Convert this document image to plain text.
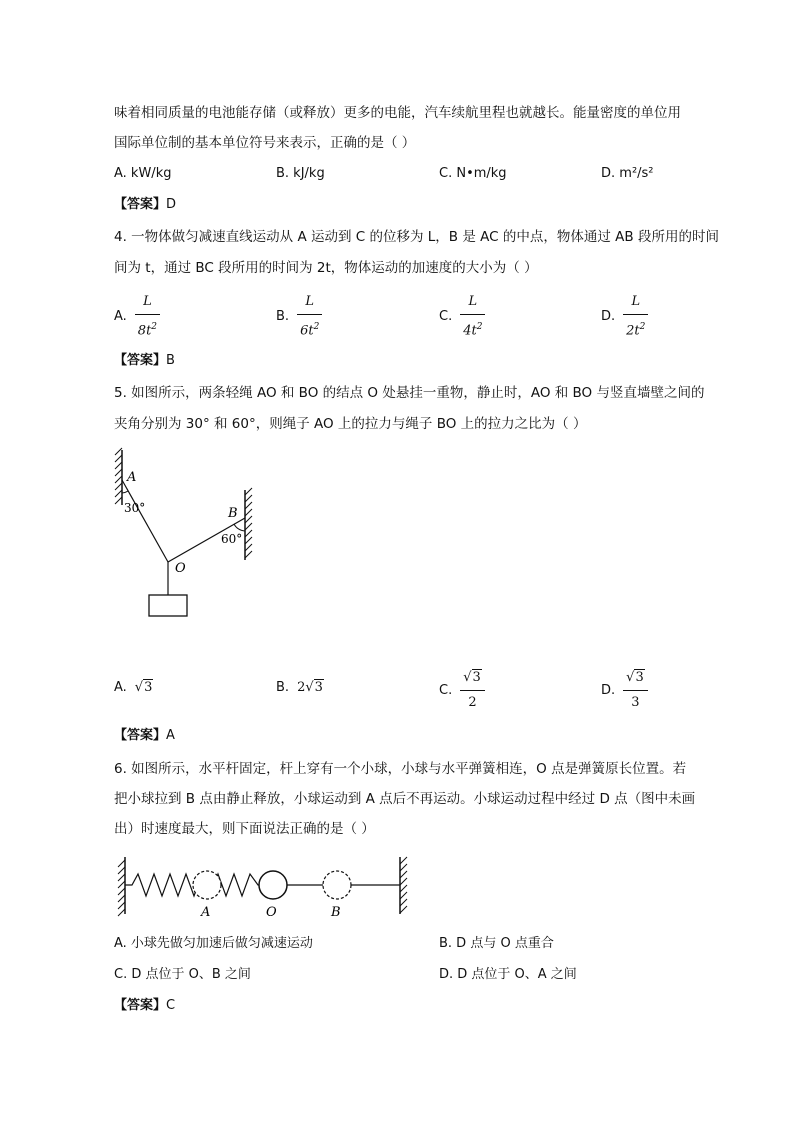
味着相同质量的电池能存储（或释放）更多的电能，汽车续航里程也就越长。能量密度的单位用
国际单位制的基本单位符号来表示，正确的是（ ）
A. kW/kg	B. kJ/kg	C. N•m/kg	D. m²/s²
【答案】D
4. 一物体做匀减速直线运动从 A 运动到 C 的位移为 L，B 是 AC 的中点，物体通过 AB 段所用的时间
间为 t，通过 BC 段所用的时间为 2t，物体运动的加速度的大小为（ ）
A. $\frac{L}{8t^2}$	B. $\frac{L}{6t^2}$	C. $\frac{L}{4t^2}$	D. $\frac{L}{2t^2}$
【答案】B
5. 如图所示，两条轻绳 AO 和 BO 的结点 O 处悬挂一重物，静止时，AO 和 BO 与竖直墙壁之间的
夹角分别为 30° 和 60°，则绳子 AO 上的拉力与绳子 BO 上的拉力之比为（ ）
A
30°	B
60°
O
A. √3	B. 2√3	C. $\frac{√3}{2}$	D. $\frac{√3}{3}$
【答案】A
6. 如图所示，水平杆固定，杆上穿有一个小球，小球与水平弹簧相连，O 点是弹簧原长位置。若
把小球拉到 B 点由静止释放，小球运动到 A 点后不再运动。小球运动过程中经过 D 点（图中未画
出）时速度最大，则下面说法正确的是（ ）
A	O	B
A. 小球先做匀加速后做匀减速运动	B. D 点与 O 点重合
C. D 点位于 O、B 之间	D. D 点位于 O、A 之间
【答案】C
